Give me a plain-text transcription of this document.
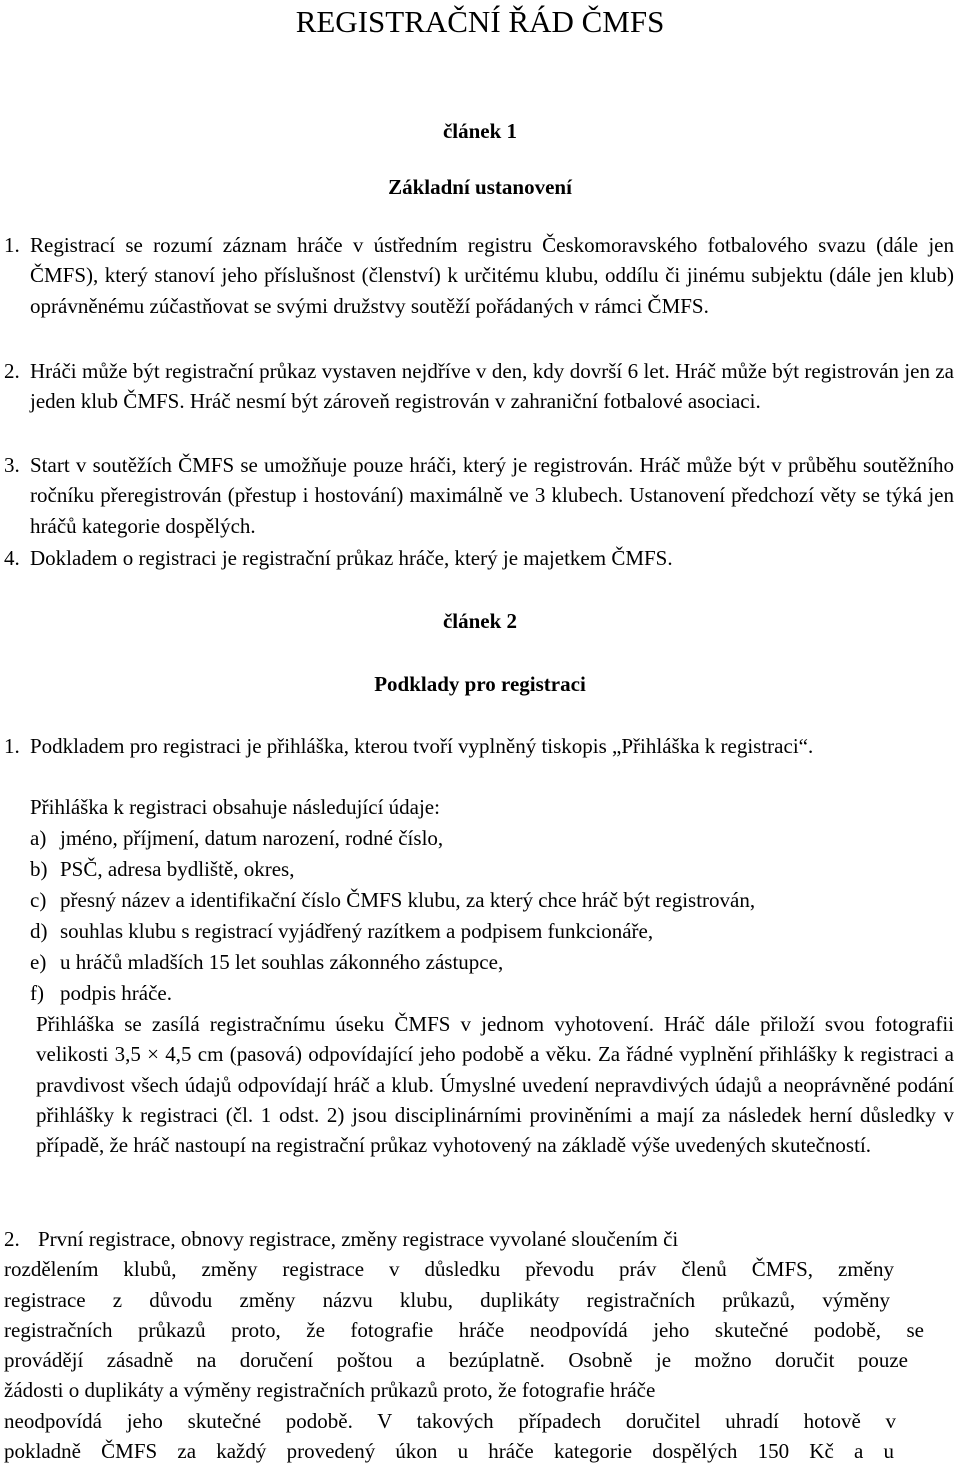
REGISTRAČNÍ ŘÁD ČMFS

článek 1

Základní ustanovení

1. Registrací se rozumí záznam hráče v ústředním registru Českomoravského fotbalového svazu (dále jen ČMFS), který stanoví jeho příslušnost (členství) k určitému klubu, oddílu či jinému subjektu (dále jen klub) oprávněnému zúčastňovat se svými družstvy soutěží pořádaných v rámci ČMFS.

2. Hráči může být registrační průkaz vystaven nejdříve v den, kdy dovrší 6 let. Hráč může být registrován jen za jeden klub ČMFS. Hráč nesmí být zároveň registrován v zahraniční fotbalové asociaci.

3. Start v soutěžích ČMFS se umožňuje pouze hráči, který je registrován. Hráč může být v průběhu soutěžního ročníku přeregistrován (přestup i hostování) maximálně ve 3 klubech. Ustanovení předchozí věty se týká jen hráčů kategorie dospělých.

4. Dokladem o registraci je registrační průkaz hráče, který je majetkem ČMFS.

článek 2

Podklady pro registraci

1. Podkladem pro registraci je přihláška, kterou tvoří vyplněný tiskopis „Přihláška k registraci“.

Přihláška k registraci obsahuje následující údaje:

a) jméno, příjmení, datum narození, rodné číslo,
b) PSČ, adresa bydliště, okres,
c) přesný název a identifikační číslo ČMFS klubu, za který chce hráč být registrován,
d) souhlas klubu s registrací vyjádřený razítkem a podpisem funkcionáře,
e) u hráčů mladších 15 let souhlas zákonného zástupce,
f) podpis hráče.

Přihláška se zasílá registračnímu úseku ČMFS v jednom vyhotovení. Hráč dále přiloží svou fotografii velikosti 3,5 × 4,5 cm (pasová) odpovídající jeho podobě a věku. Za řádné vyplnění přihlášky k registraci a pravdivost všech údajů odpovídají hráč a klub. Úmyslné uvedení nepravdivých údajů a neoprávněné podání přihlášky k registraci (čl. 1 odst. 2) jsou disciplinárními proviněními a mají za následek herní důsledky v případě, že hráč nastoupí na registrační průkaz vyhotovený na základě výše uvedených skutečností.

2. První registrace, obnovy registrace, změny registrace vyvolané sloučením či
rozdělením klubů, změny registrace v důsledku převodu práv členů ČMFS, změny
registrace z důvodu změny názvu klubu, duplikáty registračních průkazů, výměny
registračních průkazů proto, že fotografie hráče neodpovídá jeho skutečné podobě, se
provádějí zásadně na doručení poštou a bezúplatně. Osobně je možno doručit pouze
žádosti o duplikáty a výměny registračních průkazů proto, že fotografie hráče
neodpovídá jeho skutečné podobě. V takových případech doručitel uhradí hotově v
pokladně ČMFS za každý provedený úkon u hráče kategorie dospělých 150 Kč a u
